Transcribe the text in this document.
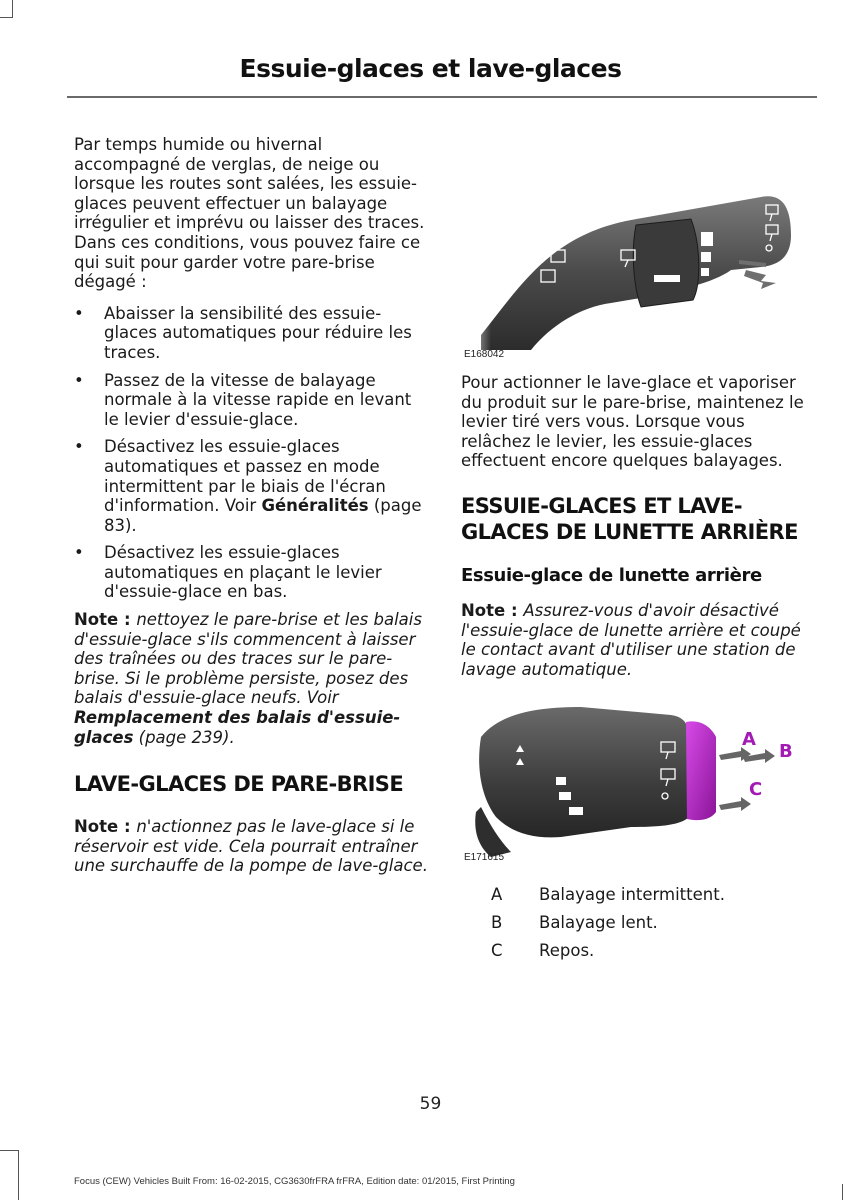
Essuie-glaces et lave-glaces

Par temps humide ou hivernal accompagné de verglas, de neige ou lorsque les routes sont salées, les essuie-glaces peuvent effectuer un balayage irrégulier et imprévu ou laisser des traces. Dans ces conditions, vous pouvez faire ce qui suit pour garder votre pare-brise dégagé :

• Abaisser la sensibilité des essuie-glaces automatiques pour réduire les traces.
• Passez de la vitesse de balayage normale à la vitesse rapide en levant le levier d'essuie-glace.
• Désactivez les essuie-glaces automatiques et passez en mode intermittent par le biais de l'écran d'information. Voir Généralités (page 83).
• Désactivez les essuie-glaces automatiques en plaçant le levier d'essuie-glace en bas.

Note : nettoyez le pare-brise et les balais d'essuie-glace s'ils commencent à laisser des traînées ou des traces sur le pare-brise. Si le problème persiste, posez des balais d'essuie-glace neufs. Voir Remplacement des balais d'essuie-glaces (page 239).

LAVE-GLACES DE PARE-BRISE

Note : n'actionnez pas le lave-glace si le réservoir est vide. Cela pourrait entraîner une surchauffe de la pompe de lave-glace.

E168042

Pour actionner le lave-glace et vaporiser du produit sur le pare-brise, maintenez le levier tiré vers vous. Lorsque vous relâchez le levier, les essuie-glaces effectuent encore quelques balayages.

ESSUIE-GLACES ET LAVE-GLACES DE LUNETTE ARRIÈRE
Essuie-glace de lunette arrière

Note : Assurez-vous d'avoir désactivé l'essuie-glace de lunette arrière et coupé le contact avant d'utiliser une station de lavage automatique.

A
B
C
E171615
A	Balayage intermittent.
B	Balayage lent.
C	Repos.
59
Focus (CEW) Vehicles Built From: 16-02-2015, CG3630frFRA frFRA, Edition date: 01/2015, First Printing
